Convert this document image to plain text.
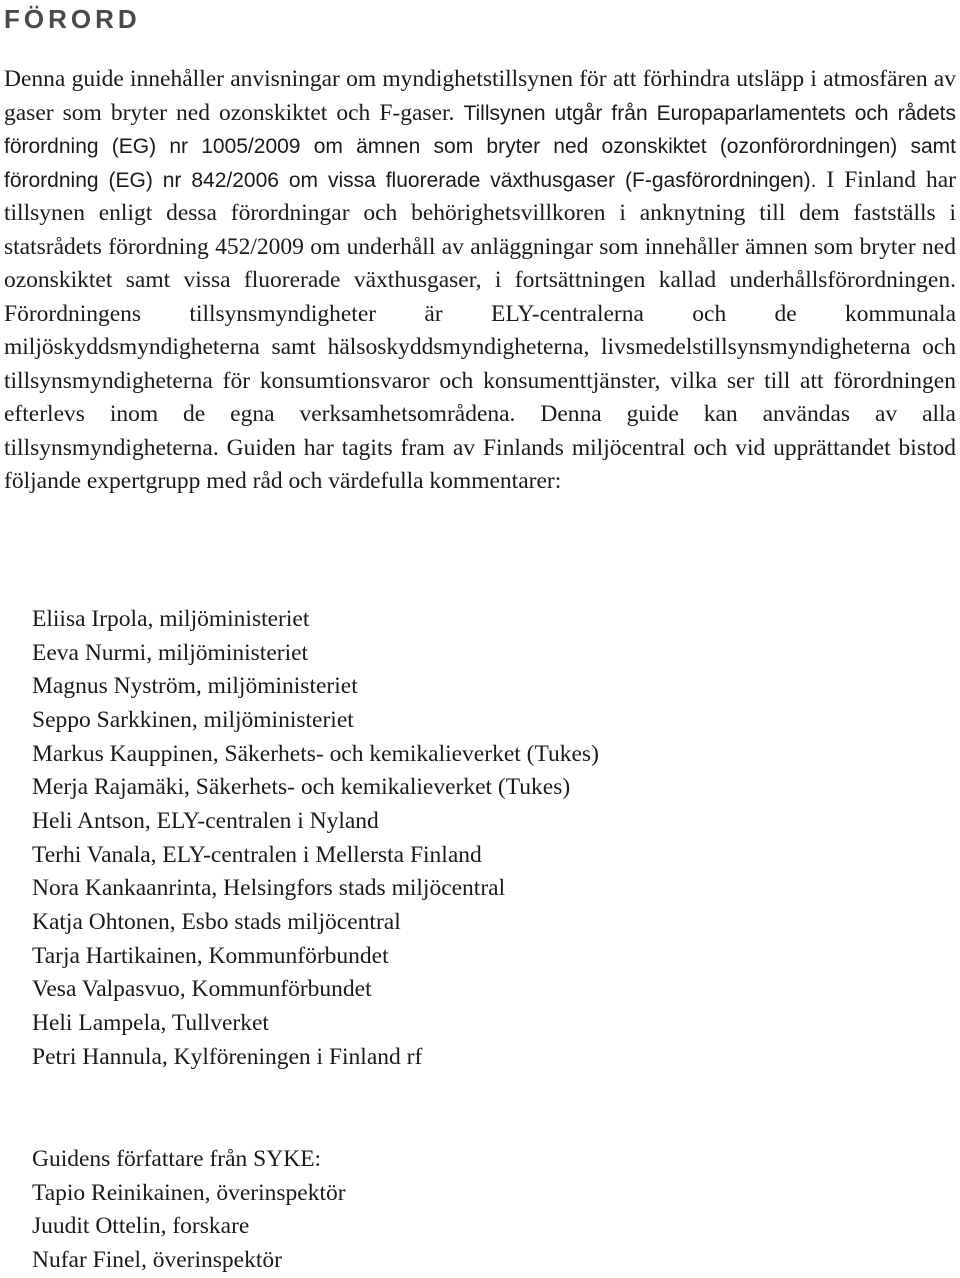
FÖRORD

Denna guide innehåller anvisningar om myndighetstillsynen för att förhindra utsläpp i atmosfären av gaser som bryter ned ozonskiktet och F-gaser. Tillsynen utgår från Europaparlamentets och rådets förordning (EG) nr 1005/2009 om ämnen som bryter ned ozonskiktet (ozonförordningen) samt förordning (EG) nr 842/2006 om vissa fluorerade växthusgaser (F-gasförordningen). I Finland har tillsynen enligt dessa förordningar och behörighetsvillkoren i anknytning till dem fastställs i statsrådets förordning 452/2009 om underhåll av anläggningar som innehåller ämnen som bryter ned ozonskiktet samt vissa fluorerade växthusgaser, i fortsättningen kallad underhållsförordningen. Förordningens tillsynsmyndigheter är ELY-centralerna och de kommunala miljöskyddsmyndigheterna samt hälsoskyddsmyndigheterna, livsmedelstillsynsmyndigheterna och tillsynsmyndigheterna för konsumtionsvaror och konsumenttjänster, vilka ser till att förordningen efterlevs inom de egna verksamhetsområdena. Denna guide kan användas av alla tillsynsmyndigheterna. Guiden har tagits fram av Finlands miljöcentral och vid upprättandet bistod följande expertgrupp med råd och värdefulla kommentarer:

Eliisa Irpola, miljöministeriet
Eeva Nurmi, miljöministeriet
Magnus Nyström, miljöministeriet
Seppo Sarkkinen, miljöministeriet
Markus Kauppinen, Säkerhets- och kemikalieverket (Tukes)
Merja Rajamäki, Säkerhets- och kemikalieverket (Tukes)
Heli Antson, ELY-centralen i Nyland
Terhi Vanala, ELY-centralen i Mellersta Finland
Nora Kankaanrinta, Helsingfors stads miljöcentral
Katja Ohtonen, Esbo stads miljöcentral
Tarja Hartikainen, Kommunförbundet
Vesa Valpasvuo, Kommunförbundet
Heli Lampela, Tullverket
Petri Hannula, Kylföreningen i Finland rf
Guidens författare från SYKE:
Tapio Reinikainen, överinspektör
Juudit Ottelin, forskare
Nufar Finel, överinspektör
